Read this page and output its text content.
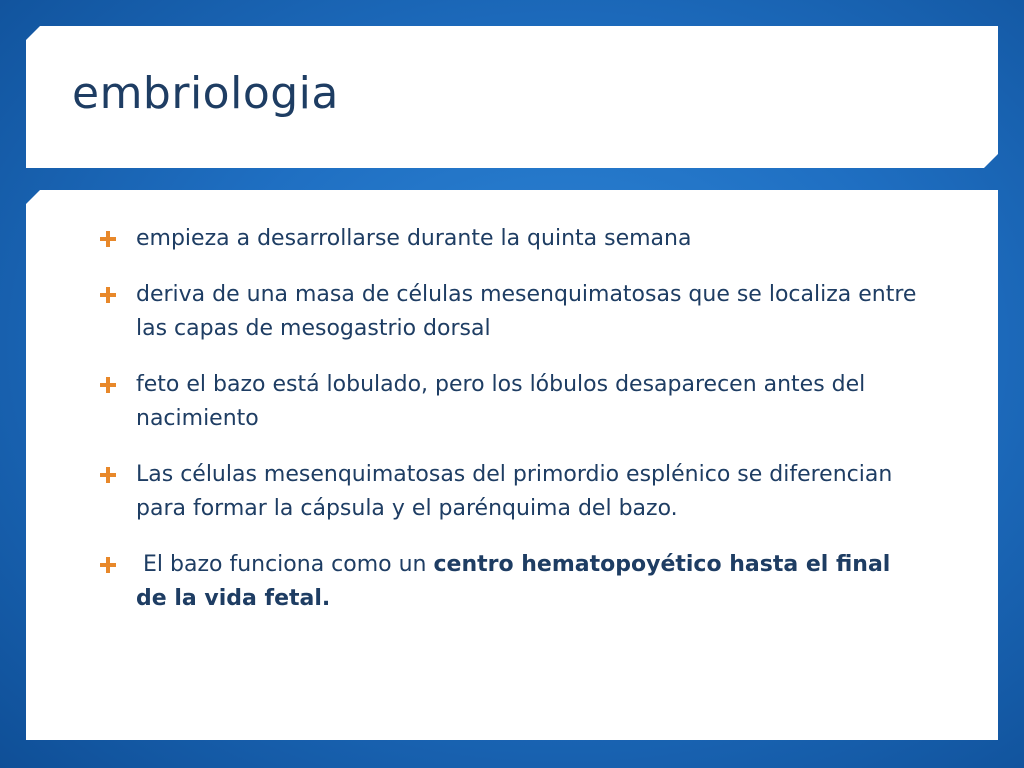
embriologia
empieza a desarrollarse durante la quinta semana
deriva de una masa de células mesenquimatosas que se localiza entre las capas de mesogastrio dorsal
feto el bazo está lobulado, pero los lóbulos desaparecen antes del nacimiento
Las células mesenquimatosas del primordio esplénico se diferencian para formar la cápsula y el parénquima del bazo.
El bazo funciona como un centro hematopoyético hasta el final de la vida fetal.
